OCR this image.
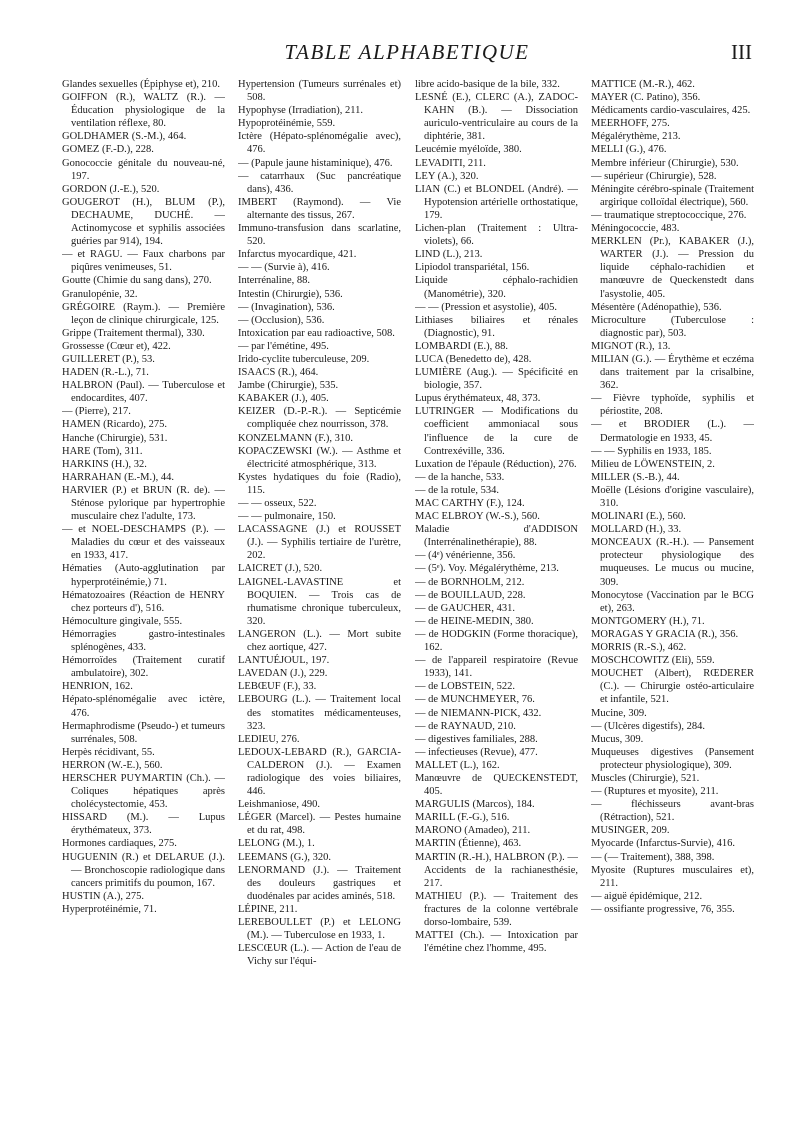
TABLE ALPHABETIQUE	III

Glandes sexuelles (Épiphyse et), 210.

GOIFFON (R.), WALTZ (R.). — Éducation physiologique de la ventilation réflexe, 80.

GOLDHAMER (S.-M.), 464.

GOMEZ (F.-D.), 228.

Gonococcie génitale du nouveau-né, 197.

GORDON (J.-E.), 520.

GOUGEROT (H.), BLUM (P.), DECHAUME, DUCHÉ. — Actinomycose et syphilis associées guéries par 914), 194.

— et RAGU. — Faux charbons par piqûres venimeuses, 51.

Goutte (Chimie du sang dans), 270.

Granulopénie, 32.

GRÉGOIRE (Raym.). — Première leçon de clinique chirurgicale, 125.

Grippe (Traitement thermal), 330.

Grossesse (Cœur et), 422.

GUILLERET (P.), 53.

HADEN (R.-L.), 71.

HALBRON (Paul). — Tuberculose et endocardites, 407.

— (Pierre), 217.

HAMEN (Ricardo), 275.

Hanche (Chirurgie), 531.

HARE (Tom), 311.

HARKINS (H.), 32.

HARRAHAN (E.-M.), 44.

HARVIER (P.) et BRUN (R. de). — Sténose pylorique par hypertrophie musculaire chez l'adulte, 173.

— et NOEL-DESCHAMPS (P.). — Maladies du cœur et des vaisseaux en 1933, 417.

Hématies (Auto-agglutination par hyperprotéinémie,) 71.

Hématozoaires (Réaction de HENRY chez porteurs d'), 516.

Hémoculture gingivale, 555.

Hémorragies gastro-intestinales splénogènes, 433.

Hémorroïdes (Traitement curatif ambulatoire), 302.

HENRION, 162.

Hépato-splénomégalie avec ictère, 476.

Hermaphrodisme (Pseudo-) et tumeurs surrénales, 508.

Herpès récidivant, 55.

HERRON (W.-E.), 560.

HERSCHER PUYMARTIN (Ch.). — Coliques hépatiques après cholécystectomie, 453.

HISSARD (M.). — Lupus érythémateux, 373.

Hormones cardiaques, 275.

HUGUENIN (R.) et DELARUE (J.). — Bronchoscopie radiologique dans cancers primitifs du poumon, 167.

HUSTIN (A.), 275.

Hyperprotéinémie, 71.

Hypertension (Tumeurs surrénales et) 508.

Hypophyse (Irradiation), 211.

Hypoprotéinémie, 559.

Ictère (Hépato-splénomégalie avec), 476.

— (Papule jaune histaminique), 476.

— catarrhaux (Suc pancréatique dans), 436.

IMBERT (Raymond). — Vie alternante des tissus, 267.

Immuno-transfusion dans scarlatine, 520.

Infarctus myocardique, 421.

— — (Survie à), 416.

Interrénaline, 88.

Intestin (Chirurgie), 536.

— (Invagination), 536.

— (Occlusion), 536.

Intoxication par eau radioactive, 508.

— par l'émétine, 495.

Irido-cyclite tuberculeuse, 209.

ISAACS (R.), 464.

Jambe (Chirurgie), 535.

KABAKER (J.), 405.

KEIZER (D.-P.-R.). — Septicémie compliquée chez nourrisson, 378.

KONZELMANN (F.), 310.

KOPACZEWSKI (W.). — Asthme et électricité atmosphérique, 313.

Kystes hydatiques du foie (Radio), 115.

— — osseux, 522.

— — pulmonaire, 150.

LACASSAGNE (J.) et ROUSSET (J.). — Syphilis tertiaire de l'urètre, 202.

LAICRET (J.), 520.

LAIGNEL-LAVASTINE et BOQUIEN. — Trois cas de rhumatisme chronique tuberculeux, 320.

LANGERON (L.). — Mort subite chez aortique, 427.

LANTUÉJOUL, 197.

LAVEDAN (J.), 229.

LEBŒUF (F.), 33.

LEBOURG (L.). — Traitement local des stomatites médicamenteuses, 323.

LEDIEU, 276.

LEDOUX-LEBARD (R.), GARCIA-CALDERON (J.). — Examen radiologique des voies biliaires, 446.

Leishmaniose, 490.

LÉGER (Marcel). — Pestes humaine et du rat, 498.

LELONG (M.), 1.

LEEMANS (G.), 320.

LENORMAND (J.). — Traitement des douleurs gastriques et duodénales par acides aminés, 518.

LÉPINE, 211.

LEREBOULLET (P.) et LELONG (M.). — Tuberculose en 1933, 1.

LESCŒUR (L.). — Action de l'eau de Vichy sur l'équi-

libre acido-basique de la bile, 332.

LESNÉ (E.), CLERC (A.), ZADOC-KAHN (B.). — Dissociation auriculo-ventriculaire au cours de la diphtérie, 381.

Leucémie myéloïde, 380.

LEVADITI, 211.

LEY (A.), 320.

LIAN (C.) et BLONDEL (André). — Hypotension artérielle orthostatique, 179.

Lichen-plan (Traitement : Ultra-violets), 66.

LIND (L.), 213.

Lipiodol transpariétal, 156.

Liquide céphalo-rachidien (Manométrie), 320.

— — (Pression et asystolie), 405.

Lithiases biliaires et rénales (Diagnostic), 91.

LOMBARDI (E.), 88.

LUCA (Benedetto de), 428.

LUMIÈRE (Aug.). — Spécificité en biologie, 357.

Lupus érythémateux, 48, 373.

LUTRINGER — Modifications du coefficient ammoniacal sous l'influence de la cure de Contrexéville, 336.

Luxation de l'épaule (Réduction), 276.

— de la hanche, 533.

— de la rotule, 534.

MAC CARTHY (F.), 124.

MAC ELBROY (W.-S.), 560.

Maladie d'ADDISON (Interrénalinethérapie), 88.

— (4ᵉ) vénérienne, 356.

— (5ᵉ). Voy. Mégalérythème, 213.

— de BORNHOLM, 212.

— de BOUILLAUD, 228.

— de GAUCHER, 431.

— de HEINE-MEDIN, 380.

— de HODGKIN (Forme thoracique), 162.

— de l'appareil respiratoire (Revue 1933), 141.

— de LOBSTEIN, 522.

— de MUNCHMEYER, 76.

— de NIEMANN-PICK, 432.

— de RAYNAUD, 210.

— digestives familiales, 288.

— infectieuses (Revue), 477.

MALLET (L.), 162.

Manœuvre de QUECKENSTEDT, 405.

MARGULIS (Marcos), 184.

MARILL (F.-G.), 516.

MARONO (Amadeo), 211.

MARTIN (Étienne), 463.

MARTIN (R.-H.), HALBRON (P.). — Accidents de la rachianesthésie, 217.

MATHIEU (P.). — Traitement des fractures de la colonne vertébrale dorso-lombaire, 539.

MATTEI (Ch.). — Intoxication par l'émétine chez l'homme, 495.

MATTICE (M.-R.), 462.

MAYER (C. Patino), 356.

Médicaments cardio-vasculaires, 425.

MEERHOFF, 275.

Mégalérythème, 213.

MELLI (G.), 476.

Membre inférieur (Chirurgie), 530.

— supérieur (Chirurgie), 528.

Méningite cérébro-spinale (Traitement argirique colloïdal électrique), 560.

— traumatique streptococcique, 276.

Méningococcie, 483.

MERKLEN (Pr.), KABAKER (J.), WARTER (J.). — Pression du liquide céphalo-rachidien et manœuvre de Queckenstedt dans l'asystolie, 405.

Mésentère (Adénopathie), 536.

Microculture (Tuberculose : diagnostic par), 503.

MIGNOT (R.), 13.

MILIAN (G.). — Érythème et eczéma dans traitement par la crisalbine, 362.

— Fièvre typhoïde, syphilis et périostite, 208.

— et BRODIER (L.). — Dermatologie en 1933, 45.

— — Syphilis en 1933, 185.

Milieu de LÖWENSTEIN, 2.

MILLER (S.-B.), 44.

Moëlle (Lésions d'origine vasculaire), 310.

MOLINARI (E.), 560.

MOLLARD (H.), 33.

MONCEAUX (R.-H.). — Pansement protecteur physiologique des muqueuses. Le mucus ou mucine, 309.

Monocytose (Vaccination par le BCG et), 263.

MONTGOMERY (H.), 71.

MORAGAS Y GRACIA (R.), 356.

MORRIS (R.-S.), 462.

MOSCHCOWITZ (Eli), 559.

MOUCHET (Albert), RŒDERER (C.). — Chirurgie ostéo-articulaire et infantile, 521.

Mucine, 309.

— (Ulcères digestifs), 284.

Mucus, 309.

Muqueuses digestives (Pansement protecteur physiologique), 309.

Muscles (Chirurgie), 521.

— (Ruptures et myosite), 211.

— fléchisseurs avant-bras (Rétraction), 521.

MUSINGER, 209.

Myocarde (Infarctus-Survie), 416.

— (— Traitement), 388, 398.

Myosite (Ruptures musculaires et), 211.

— aiguë épidémique, 212.

— ossifiante progressive, 76, 355.
